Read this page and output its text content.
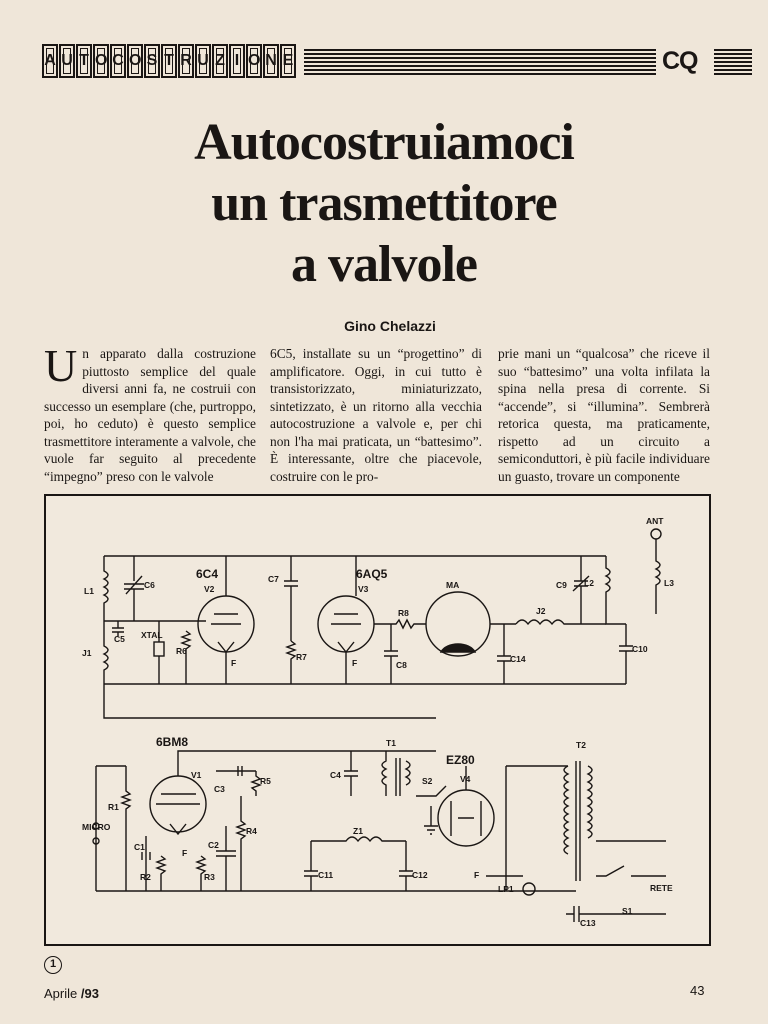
A U T O C O S T R U Z I O N E	CQ
Autocostruiamoci
un trasmettitore
a valvole
Gino Chelazzi
Un apparato dalla costruzione piuttosto semplice del quale diversi anni fa, ne costruii con successo un esemplare (che, purtroppo, poi, ho ceduto) è questo semplice trasmettitore interamente a valvole, che vuole far seguito al precedente “impegno” preso con le valvole
6C5, installate su un “progettino” di amplificatore. Oggi, in cui tutto è transistorizzato, miniaturizzato, sintetizzato, è un ritorno alla vecchia autocostruzione a valvole e, per chi non l'ha mai praticata, un “battesimo”. È interessante, oltre che piacevole, costruire con le pro-
prie mani un “qualcosa” che riceve il suo “battesimo” una volta infilata la spina nella presa di corrente. Si “accende”, si “illumina”. Sembrerà retorica questa, ma praticamente, rispetto ad un circuito a semiconduttori, è più facile individuare un guasto, trovare un componente
6C4	6AQ5
6BM8
EZ80
V1
V2	V3
V4
ANT
MA
MICRO
RETE
LP1
XTAL
F	F
F
F
L1
L2	L3
J1
J2
T1	T2
Z1
S1
S2
C1	C2
C3
C4
C5
C6
C7
C8
C9
C10
C11	C12
C13
C14
R1
R2	R3
R4
R5
R6
R7
R8
1
Aprile /93	43
